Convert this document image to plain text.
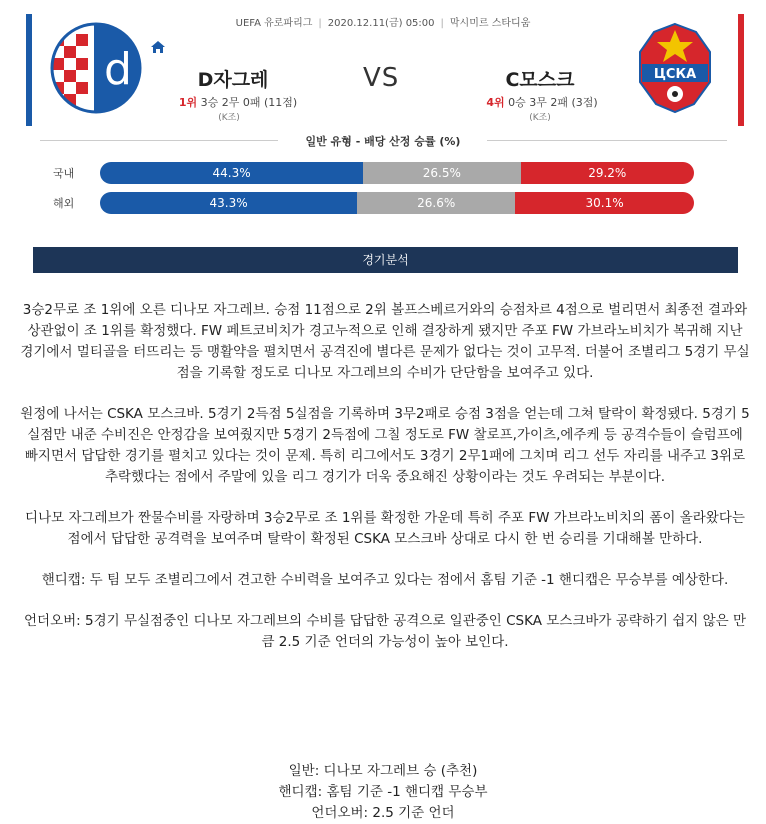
UEFA 유로파리그 | 2020.12.11(금) 05:00 | 막시미르 스타디움
d	D자그레	VS	C모스크
1위 3승 2무 0패 (11점)
(K조)
4위 0승 3무 2패 (3점)
(K조)
ЦСКА
일반 유형 - 배당 산정 승률 (%)
국내	44.3%	26.5%	29.2%
해외	43.3%	26.6%	30.1%
경기분석

3승2무로 조 1위에 오른 디나모 자그레브. 승점 11점으로 2위 볼프스베르거와의 승점차르 4점으로 벌리면서 최종전 결과와 상관없이 조 1위를 확정했다. FW 페트코비치가 경고누적으로 인해 결장하게 됐지만 주포 FW 가브라노비치가 복귀해 지난 경기에서 멀티골을 터뜨리는 등 맹활약을 펼치면서 공격진에 별다른 문제가 없다는 것이 고무적. 더불어 조별리그 5경기 무실점을 기록할 정도로 디나모 자그레브의 수비가 단단함을 보여주고 있다.

원정에 나서는 CSKA 모스크바. 5경기 2득점 5실점을 기록하며 3무2패로 승점 3점을 얻는데 그쳐 탈락이 확정됐다. 5경기 5실점만 내준 수비진은 안정감을 보여줬지만 5경기 2득점에 그칠 정도로 FW 찰로프,가이츠,에주케 등 공격수들이 슬럼프에 빠지면서 답답한 경기를 펼치고 있다는 것이 문제. 특히 리그에서도 3경기 2무1패에 그치며 리그 선두 자리를 내주고 3위로 추락했다는 점에서 주말에 있을 리그 경기가 더욱 중요해진 상황이라는 것도 우려되는 부분이다.

디나모 자그레브가 짠물수비를 자랑하며 3승2무로 조 1위를 확정한 가운데 특히 주포 FW 가브라노비치의 폼이 올라왔다는 점에서 답답한 공격력을 보여주며 탈락이 확정된 CSKA 모스크바 상대로 다시 한 번 승리를 기대해볼 만하다.

핸디캡: 두 팀 모두 조별리그에서 견고한 수비력을 보여주고 있다는 점에서 홈팀 기준 -1 핸디캡은 무승부를 예상한다.

언더오버: 5경기 무실점중인 디나모 자그레브의 수비를 답답한 공격으로 일관중인 CSKA 모스크바가 공략하기 쉽지 않은 만큼 2.5 기준 언더의 가능성이 높아 보인다.

일반: 디나모 자그레브 승 (추천)
핸디캡: 홈팀 기준 -1 핸디캡 무승부
언더오버: 2.5 기준 언더
